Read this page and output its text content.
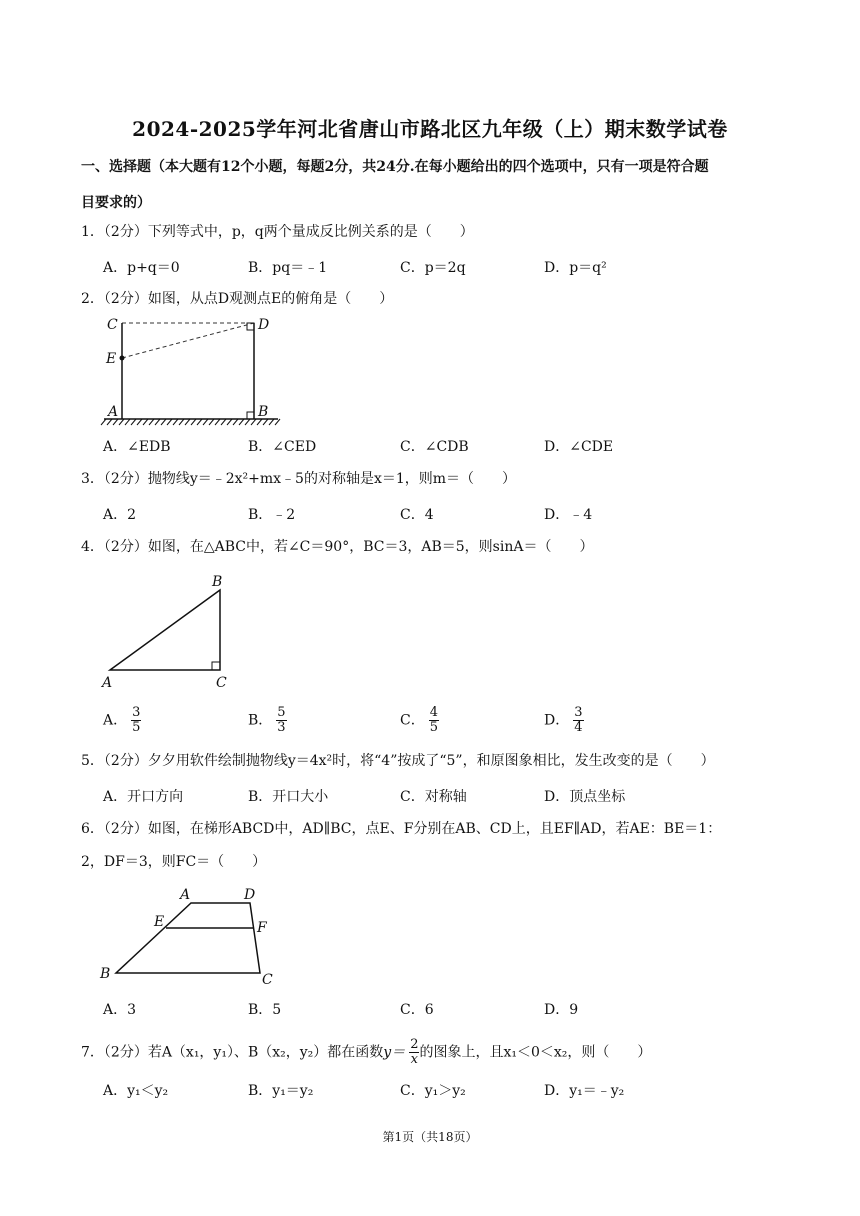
2024-2025学年河北省唐山市路北区九年级（上）期末数学试卷
一、选择题（本大题有12个小题，每题2分，共24分.在每小题给出的四个选项中，只有一项是符合题
目要求的）
1．（2分）下列等式中，p，q两个量成反比例关系的是（　　）
A．p+q＝0	B．pq＝﹣1	C．p＝2q	D．p＝q²
2．（2分）如图，从点D观测点E的俯角是（　　）
C	D
E
A	B
A．∠EDB	B．∠CED	C．∠CDB	D．∠CDE
3．（2分）抛物线y＝﹣2x²+mx﹣5的对称轴是x＝1，则m＝（　　）
A．2	B．﹣2	C．4	D．﹣4
4．（2分）如图，在△ABC中，若∠C＝90°，BC＝3，AB＝5，则sinA＝（　　）
B
A	C
A． $\frac{3}{5}$	B． $\frac{5}{3}$	C． $\frac{4}{5}$	D． $\frac{3}{4}$
5．（2分）夕夕用软件绘制抛物线y＝4x²时，将“4”按成了“5”，和原图象相比，发生改变的是（　　）
A．开口方向	B．开口大小	C．对称轴	D．顶点坐标
6．（2分）如图，在梯形ABCD中，AD∥BC，点E、F分别在AB、CD上，且EF∥AD，若AE：BE＝1：
2，DF＝3，则FC＝（　　）
A	D
E	F
B	C
A．3	B．5	C．6	D．9
7．（2分）若A（x₁，y₁）、B（x₂，y₂）都在函数$y= \frac{2}{x}$ 的图象上，且x₁＜0＜x₂，则（　　）
A．y₁＜y₂	B．y₁＝y₂	C．y₁＞y₂	D．y₁＝﹣y₂
第1页（共18页）
